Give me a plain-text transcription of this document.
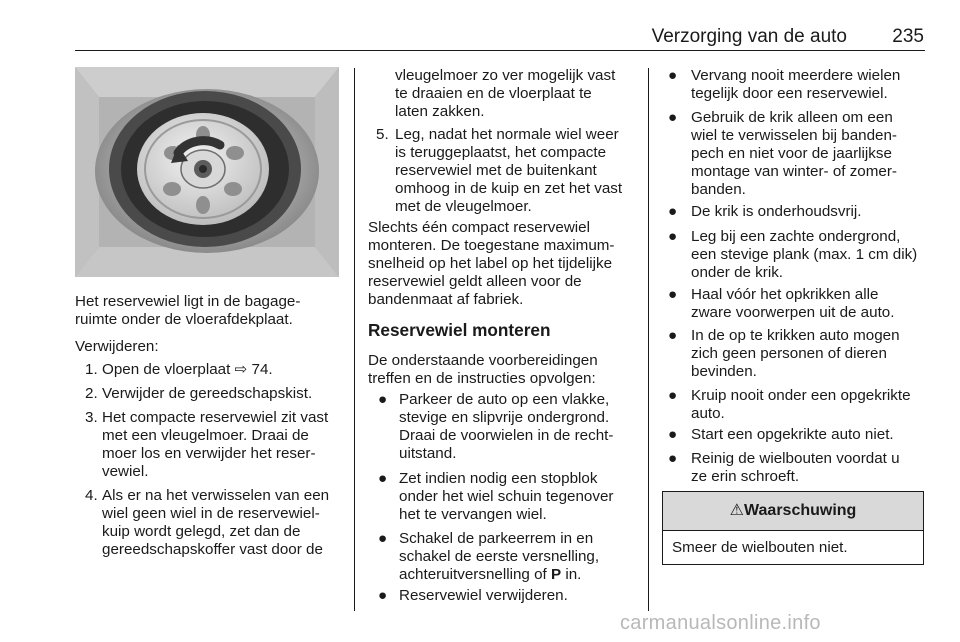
Verzorging van de auto 235

Het reservewiel ligt in de bagage-

ruimte onder de vloerafdekplaat.

Verwijderen:

1. Open de vloerplaat ⇨ 74.

2. Verwijder de gereedschapskist.

3. Het compacte reservewiel zit vast

met een vleugelmoer. Draai de

moer los en verwijder het reser-

vewiel.

4. Als er na het verwisselen van een

wiel geen wiel in de reservewiel-

kuip wordt gelegd, zet dan de

gereedschapskoffer vast door de

vleugelmoer zo ver mogelijk vast

te draaien en de vloerplaat te

laten zakken.

5. Leg, nadat het normale wiel weer

is teruggeplaatst, het compacte

reservewiel met de buitenkant

omhoog in de kuip en zet het vast

met de vleugelmoer.

Slechts één compact reservewiel

monteren. De toegestane maximum-

snelheid op het label op het tijdelijke

reservewiel geldt alleen voor de

bandenmaat af fabriek.

Reservewiel monteren

De onderstaande voorbereidingen

treffen en de instructies opvolgen:

● Parkeer de auto op een vlakke,

stevige en slipvrije ondergrond.

Draai de voorwielen in de recht-

uitstand.

● Zet indien nodig een stopblok

onder het wiel schuin tegenover

het te vervangen wiel.

● Schakel de parkeerrem in en

schakel de eerste versnelling,

achteruitversnelling of P in.

● Reservewiel verwijderen.

● Vervang nooit meerdere wielen

tegelijk door een reservewiel.

● Gebruik de krik alleen om een

wiel te verwisselen bij banden-

pech en niet voor de jaarlijkse

montage van winter- of zomer-

banden.

● De krik is onderhoudsvrij.

● Leg bij een zachte ondergrond,

een stevige plank (max. 1 cm dik)

onder de krik.

● Haal vóór het opkrikken alle

zware voorwerpen uit de auto.

● In de op te krikken auto mogen

zich geen personen of dieren

bevinden.

● Kruip nooit onder een opgekrikte

auto.

● Start een opgekrikte auto niet.

● Reinig de wielbouten voordat u

ze erin schroeft.

⚠Waarschuwing
Smeer de wielbouten niet.
carmanualsonline.info
